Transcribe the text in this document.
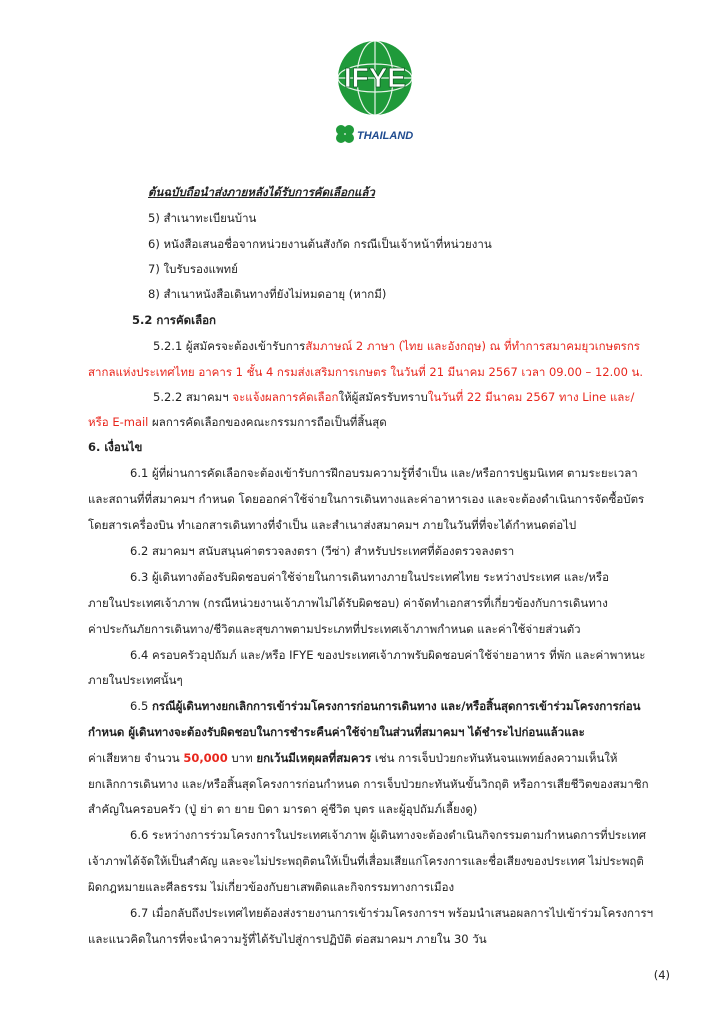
IFYE
THAILAND
ต้นฉบับถือนำส่งภายหลังได้รับการคัดเลือกแล้ว
5) สำเนาทะเบียนบ้าน
6) หนังสือเสนอชื่อจากหน่วยงานต้นสังกัด กรณีเป็นเจ้าหน้าที่หน่วยงาน
7) ใบรับรองแพทย์
8) สำเนาหนังสือเดินทางที่ยังไม่หมดอายุ (หากมี)
5.2 การคัดเลือก
5.2.1 ผู้สมัครจะต้องเข้ารับการสัมภาษณ์ 2 ภาษา (ไทย และอังกฤษ) ณ ที่ทำการสมาคมยุวเกษตรกร
สากลแห่งประเทศไทย อาคาร 1 ชั้น 4 กรมส่งเสริมการเกษตร ในวันที่ 21 มีนาคม 2567 เวลา 09.00 – 12.00 น.
5.2.2 สมาคมฯ จะแจ้งผลการคัดเลือกให้ผู้สมัครรับทราบในวันที่ 22 มีนาคม 2567 ทาง Line และ/
หรือ E-mail ผลการคัดเลือกของคณะกรรมการถือเป็นที่สิ้นสุด
6. เงื่อนไข
6.1 ผู้ที่ผ่านการคัดเลือกจะต้องเข้ารับการฝึกอบรมความรู้ที่จำเป็น และ/หรือการปฐมนิเทศ ตามระยะเวลา
และสถานที่ที่สมาคมฯ กำหนด โดยออกค่าใช้จ่ายในการเดินทางและค่าอาหารเอง และจะต้องดำเนินการจัดซื้อบัตร
โดยสารเครื่องบิน ทำเอกสารเดินทางที่จำเป็น และสำเนาส่งสมาคมฯ ภายในวันที่ที่จะได้กำหนดต่อไป
6.2 สมาคมฯ สนับสนุนค่าตรวจลงตรา (วีซ่า) สำหรับประเทศที่ต้องตรวจลงตรา
6.3 ผู้เดินทางต้องรับผิดชอบค่าใช้จ่ายในการเดินทางภายในประเทศไทย ระหว่างประเทศ และ/หรือ
ภายในประเทศเจ้าภาพ (กรณีหน่วยงานเจ้าภาพไม่ได้รับผิดชอบ) ค่าจัดทำเอกสารที่เกี่ยวข้องกับการเดินทาง
ค่าประกันภัยการเดินทาง/ชีวิตและสุขภาพตามประเภทที่ประเทศเจ้าภาพกำหนด และค่าใช้จ่ายส่วนตัว
6.4 ครอบครัวอุปถัมภ์ และ/หรือ IFYE ของประเทศเจ้าภาพรับผิดชอบค่าใช้จ่ายอาหาร ที่พัก และค่าพาหนะ
ภายในประเทศนั้นๆ
6.5 กรณีผู้เดินทางยกเลิกการเข้าร่วมโครงการก่อนการเดินทาง และ/หรือสิ้นสุดการเข้าร่วมโครงการก่อน
กำหนด ผู้เดินทางจะต้องรับผิดชอบในการชำระคืนค่าใช้จ่ายในส่วนที่สมาคมฯ ได้ชำระไปก่อนแล้วและ
ค่าเสียหาย จำนวน 50,000 บาท ยกเว้นมีเหตุผลที่สมควร เช่น การเจ็บป่วยกะทันหันจนแพทย์ลงความเห็นให้
ยกเลิกการเดินทาง และ/หรือสิ้นสุดโครงการก่อนกำหนด การเจ็บป่วยกะทันหันขั้นวิกฤติ หรือการเสียชีวิตของสมาชิก
สำคัญในครอบครัว (ปู่ ย่า ตา ยาย บิดา มารดา คู่ชีวิต บุตร และผู้อุปถัมภ์เลี้ยงดู)
6.6 ระหว่างการร่วมโครงการในประเทศเจ้าภาพ ผู้เดินทางจะต้องดำเนินกิจกรรมตามกำหนดการที่ประเทศ
เจ้าภาพได้จัดให้เป็นสำคัญ และจะไม่ประพฤติตนให้เป็นที่เสื่อมเสียแก่โครงการและชื่อเสียงของประเทศ ไม่ประพฤติ
ผิดกฎหมายและศีลธรรม ไม่เกี่ยวข้องกับยาเสพติดและกิจกรรมทางการเมือง
6.7 เมื่อกลับถึงประเทศไทยต้องส่งรายงานการเข้าร่วมโครงการฯ พร้อมนำเสนอผลการไปเข้าร่วมโครงการฯ
และแนวคิดในการที่จะนำความรู้ที่ได้รับไปสู่การปฏิบัติ ต่อสมาคมฯ ภายใน 30 วัน
(4)
